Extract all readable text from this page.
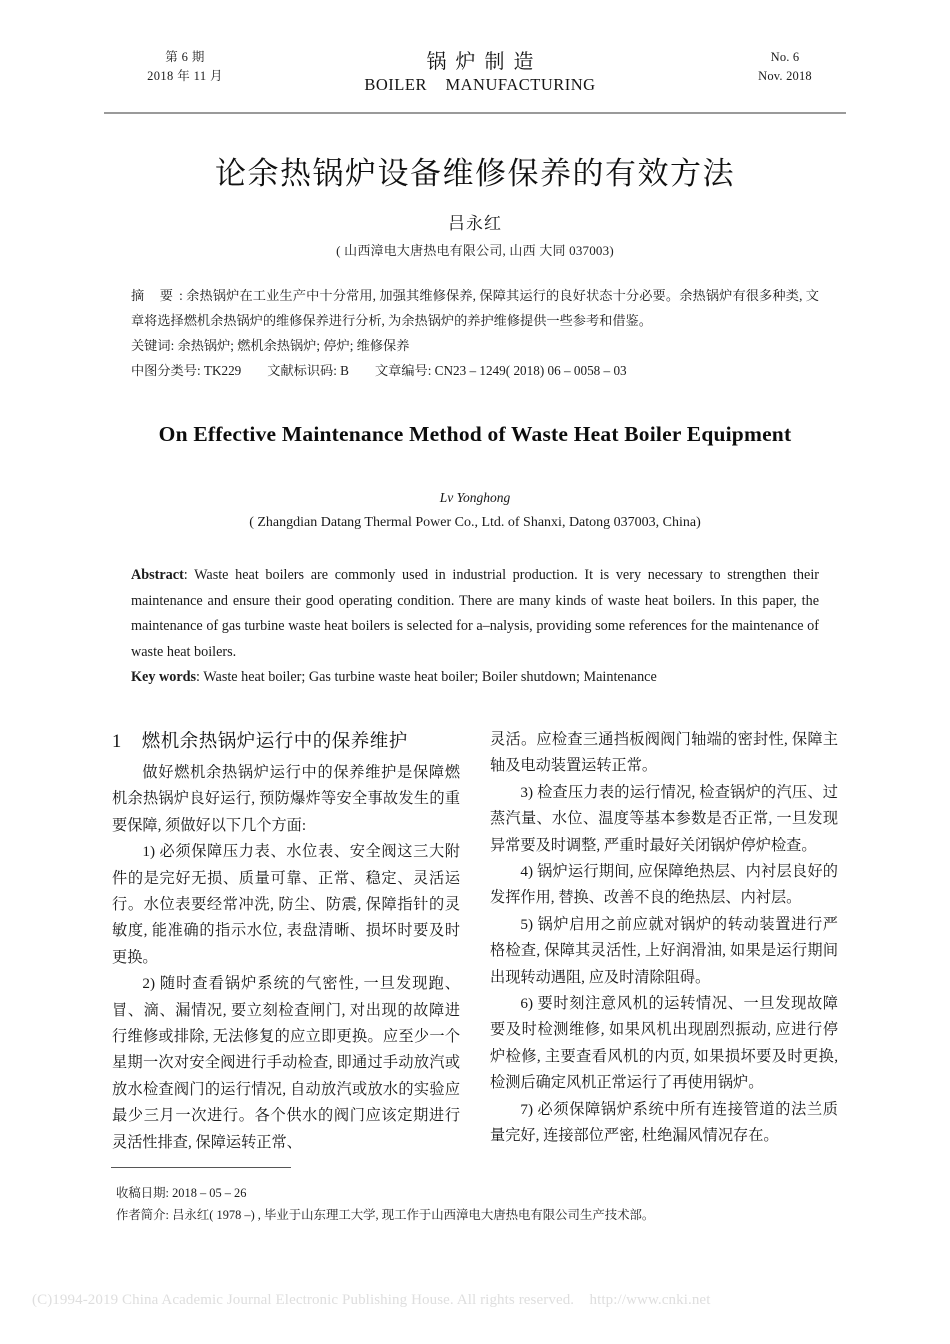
第 6 期
2018 年 11 月
锅炉制造
BOILER    MANUFACTURING
No. 6
Nov. 2018
论余热锅炉设备维修保养的有效方法
吕永红
( 山西漳电大唐热电有限公司, 山西 大同 037003)

摘 要: 余热锅炉在工业生产中十分常用, 加强其维修保养, 保障其运行的良好状态十分必要。余热锅炉有很多种类, 文章将选择燃机余热锅炉的维修保养进行分析, 为余热锅炉的养护维修提供一些参考和借鉴。

关键词: 余热锅炉; 燃机余热锅炉; 停炉; 维修保养

中图分类号: TK229 文献标识码: B 文章编号: CN23 – 1249( 2018) 06 – 0058 – 03

On Effective Maintenance Method of Waste Heat Boiler Equipment
Lv Yonghong
( Zhangdian Datang Thermal Power Co., Ltd. of Shanxi, Datong 037003, China)

Abstract: Waste heat boilers are commonly used in industrial production. It is very necessary to strengthen their maintenance and ensure their good operating condition. There are many kinds of waste heat boilers. In this paper, the maintenance of gas turbine waste heat boilers is selected for a–nalysis, providing some references for the maintenance of waste heat boilers.

Key words: Waste heat boiler; Gas turbine waste heat boiler; Boiler shutdown; Maintenance

1 燃机余热锅炉运行中的保养维护

做好燃机余热锅炉运行中的保养维护是保障燃机余热锅炉良好运行, 预防爆炸等安全事故发生的重要保障, 须做好以下几个方面:

1) 必须保障压力表、水位表、安全阀这三大附件的是完好无损、质量可靠、正常、稳定、灵活运行。水位表要经常冲洗, 防尘、防震, 保障指针的灵敏度, 能准确的指示水位, 表盘清晰、损坏时要及时更换。

2) 随时查看锅炉系统的气密性, 一旦发现跑、冒、滴、漏情况, 要立刻检查闸门, 对出现的故障进行维修或排除, 无法修复的应立即更换。应至少一个星期一次对安全阀进行手动检查, 即通过手动放汽或放水检查阀门的运行情况, 自动放汽或放水的实验应最少三月一次进行。各个供水的阀门应该定期进行灵活性排查, 保障运转正常、

灵活。应检查三通挡板阀阀门轴端的密封性, 保障主轴及电动装置运转正常。

3) 检查压力表的运行情况, 检查锅炉的汽压、过蒸汽量、水位、温度等基本参数是否正常, 一旦发现异常要及时调整, 严重时最好关闭锅炉停炉检查。

4) 锅炉运行期间, 应保障绝热层、内衬层良好的发挥作用, 替换、改善不良的绝热层、内衬层。

5) 锅炉启用之前应就对锅炉的转动装置进行严格检查, 保障其灵活性, 上好润滑油, 如果是运行期间出现转动遇阻, 应及时清除阻碍。

6) 要时刻注意风机的运转情况、一旦发现故障要及时检测维修, 如果风机出现剧烈振动, 应进行停炉检修, 主要查看风机的内页, 如果损坏要及时更换, 检测后确定风机正常运行了再使用锅炉。

7) 必须保障锅炉系统中所有连接管道的法兰质量完好, 连接部位严密, 杜绝漏风情况存在。

收稿日期: 2018 – 05 – 26

作者简介: 吕永红( 1978 –) , 毕业于山东理工大学, 现工作于山西漳电大唐热电有限公司生产技术部。

(C)1994-2019 China Academic Journal Electronic Publishing House. All rights reserved.    http://www.cnki.net
